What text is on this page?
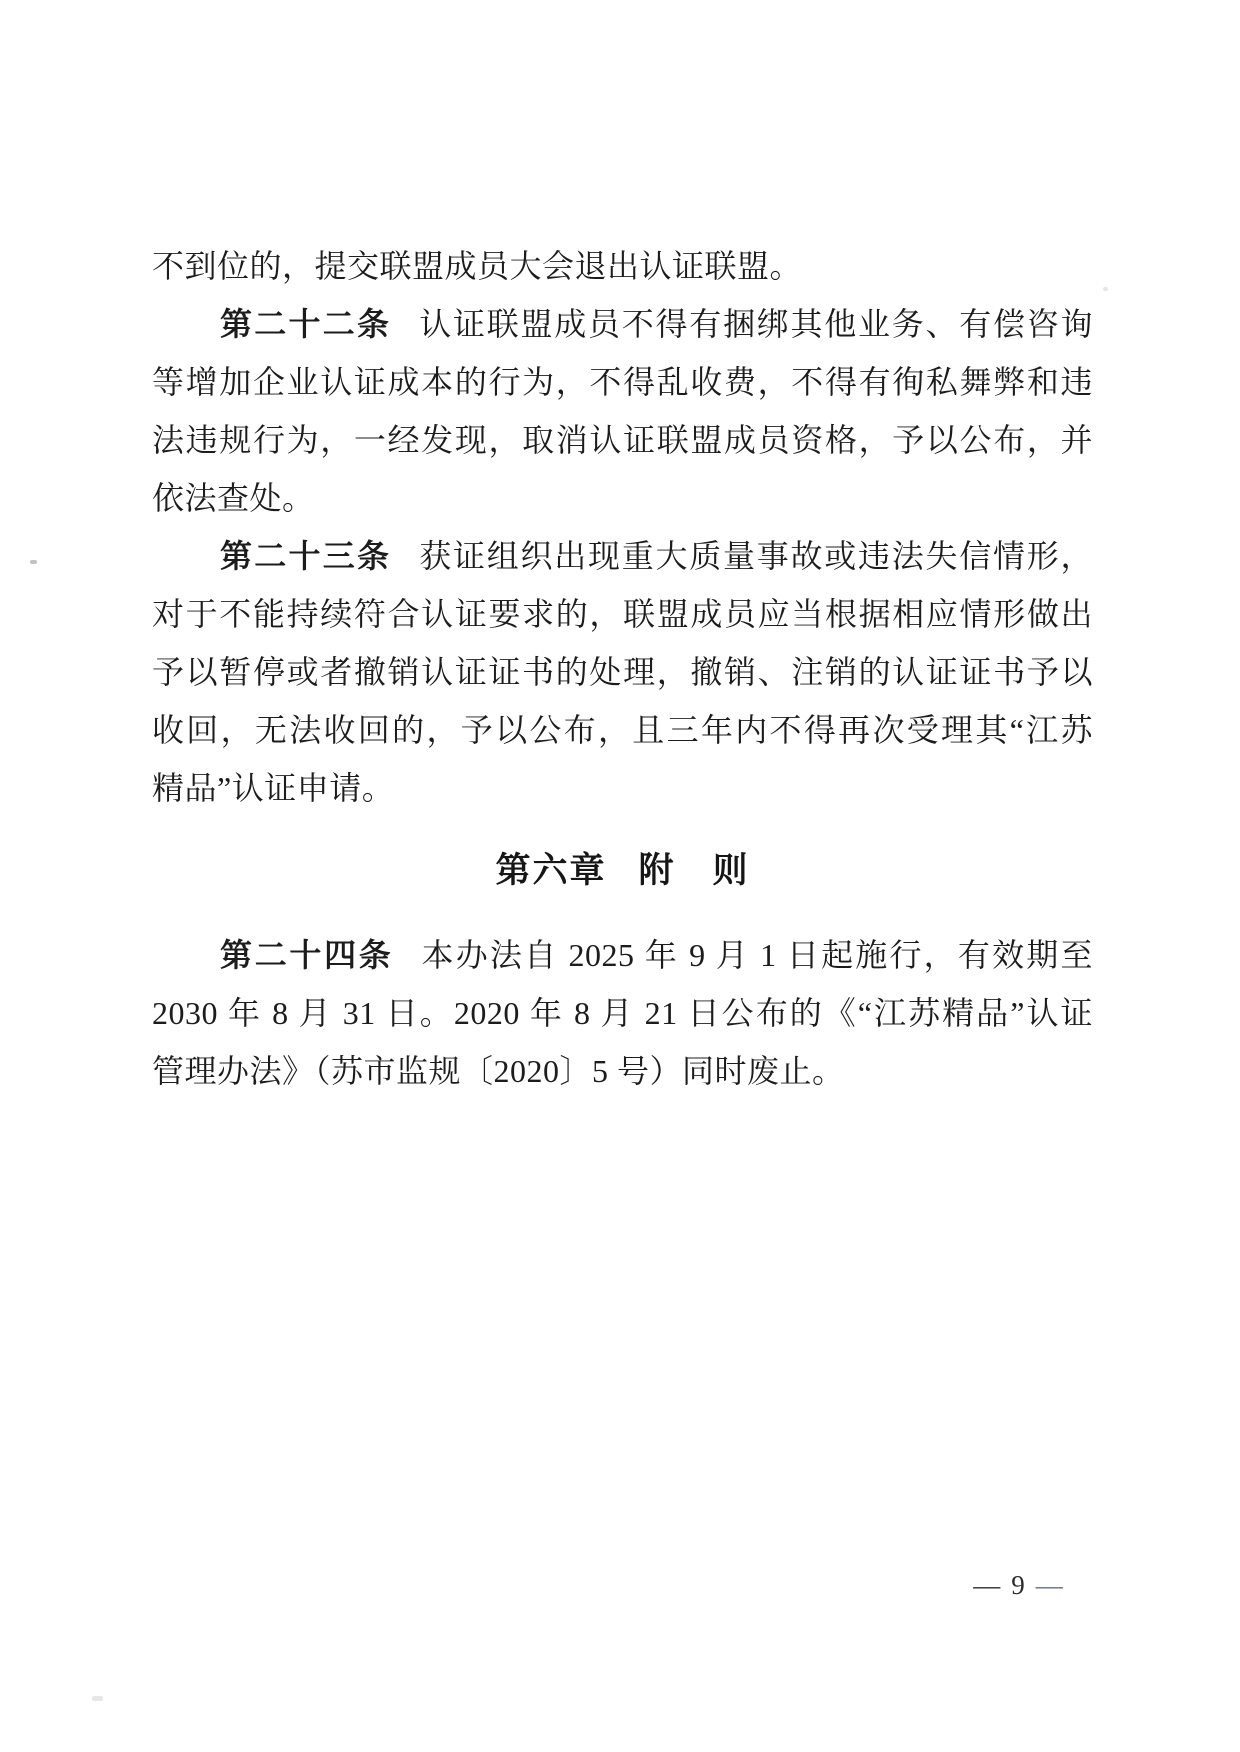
不到位的，提交联盟成员大会退出认证联盟。
第二十二条 认证联盟成员不得有捆绑其他业务、有偿咨询
等增加企业认证成本的行为，不得乱收费，不得有徇私舞弊和违
法违规行为，一经发现，取消认证联盟成员资格，予以公布，并
依法查处。
第二十三条 获证组织出现重大质量事故或违法失信情形，
对于不能持续符合认证要求的，联盟成员应当根据相应情形做出
予以暂停或者撤销认证证书的处理，撤销、注销的认证证书予以
收回，无法收回的，予以公布，且三年内不得再次受理其“江苏
精品”认证申请。
第六章 附　则
第二十四条 本办法自 2025 年 9 月 1 日起施行，有效期至
2030 年 8 月 31 日。2020 年 8 月 21 日公布的《“江苏精品”认证
管理办法》（苏市监规〔2020〕5 号）同时废止。
— 9 —
